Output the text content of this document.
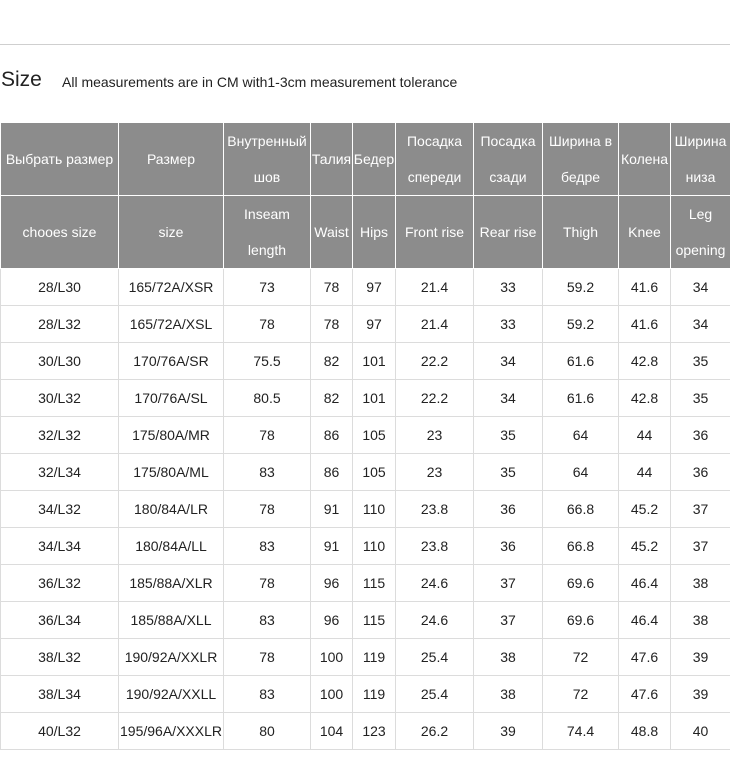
Size All measurements are in CM with1-3cm measurement tolerance
Выбрать размер	Размер	Внутренный шов	Талия	Бедер	Посадка спереди	Посадка сзади	Ширина в бедре	Колена	Ширина низа
chooes size	size	Inseam length	Waist	Hips	Front rise	Rear rise	Thigh	Knee	Leg opening
28/L30	165/72A/XSR	73	78	97	21.4	33	59.2	41.6	34
28/L32	165/72A/XSL	78	78	97	21.4	33	59.2	41.6	34
30/L30	170/76A/SR	75.5	82	101	22.2	34	61.6	42.8	35
30/L32	170/76A/SL	80.5	82	101	22.2	34	61.6	42.8	35
32/L32	175/80A/MR	78	86	105	23	35	64	44	36
32/L34	175/80A/ML	83	86	105	23	35	64	44	36
34/L32	180/84A/LR	78	91	110	23.8	36	66.8	45.2	37
34/L34	180/84A/LL	83	91	110	23.8	36	66.8	45.2	37
36/L32	185/88A/XLR	78	96	115	24.6	37	69.6	46.4	38
36/L34	185/88A/XLL	83	96	115	24.6	37	69.6	46.4	38
38/L32	190/92A/XXLR	78	100	119	25.4	38	72	47.6	39
38/L34	190/92A/XXLL	83	100	119	25.4	38	72	47.6	39
40/L32	195/96A/XXXLR	80	104	123	26.2	39	74.4	48.8	40
